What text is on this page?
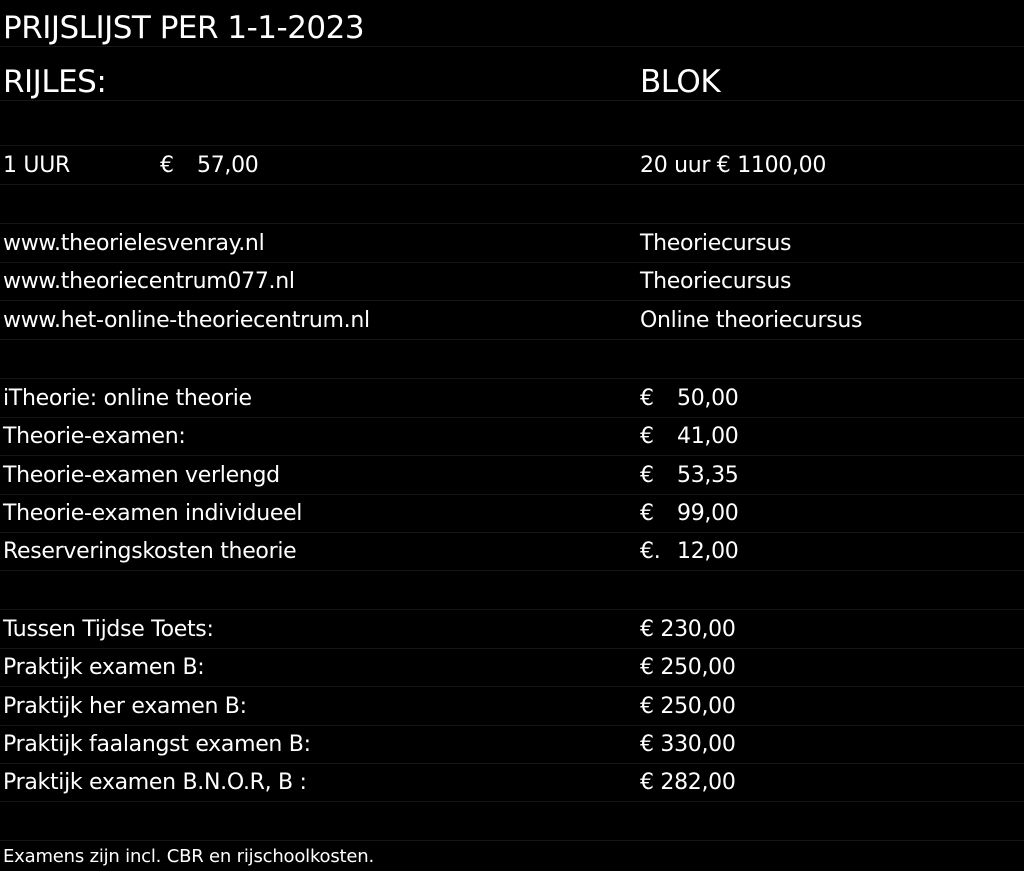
PRIJSLIJST PER 1-1-2023
RIJLES:	BLOK
1 UUR	€ 57,00	20 uur € 1100,00
www.theorielesvenray.nl	Theoriecursus
www.theoriecentrum077.nl	Theoriecursus
www.het-online-theoriecentrum.nl	Online theoriecursus
iTheorie: online theorie	€ 50,00
Theorie-examen:	€ 41,00
Theorie-examen verlengd	€ 53,35
Theorie-examen individueel	€ 99,00
Reserveringskosten theorie	€. 12,00
Tussen Tijdse Toets:	€ 230,00
Praktijk examen B:	€ 250,00
Praktijk her examen B:	€ 250,00
Praktijk faalangst examen B:	€ 330,00
Praktijk examen B.N.O.R, B :	€ 282,00
Examens zijn incl. CBR en rijschoolkosten.
